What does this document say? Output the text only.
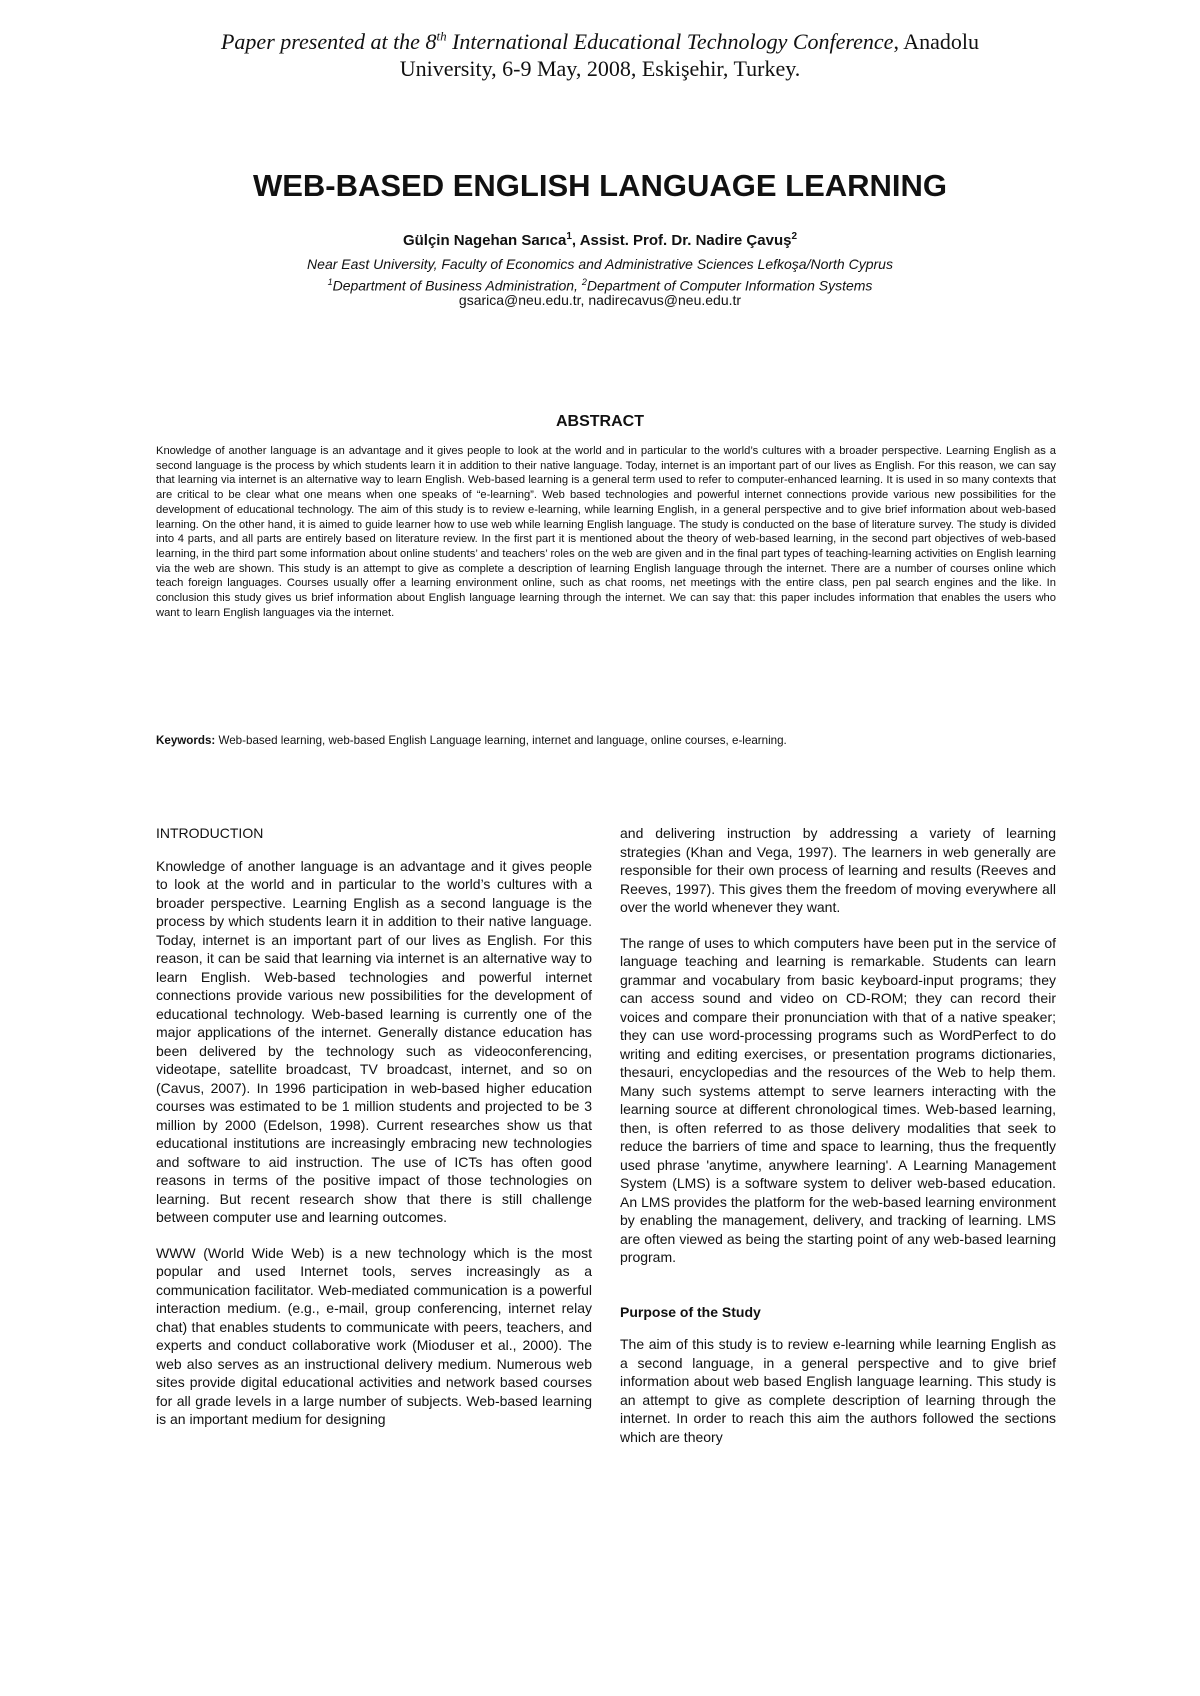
Paper presented at the 8th International Educational Technology Conference, Anadolu
University, 6-9 May, 2008, Eskişehir, Turkey.
WEB-BASED ENGLISH LANGUAGE LEARNING
Gülçin Nagehan Sarıca$^1$, Assist. Prof. Dr. Nadire Çavuş$^2$
Near East University, Faculty of Economics and Administrative Sciences Lefkoşa/North Cyprus
$^1$Department of Business Administration, $^2$Department of Computer Information Systems
gsarica@neu.edu.tr, nadirecavus@neu.edu.tr
ABSTRACT
Knowledge of another language is an advantage and it gives people to look at the world and in particular to the world’s cultures with a broader perspective. Learning English as a second language is the process by which students learn it in addition to their native language. Today, internet is an important part of our lives as English. For this reason, we can say that learning via internet is an alternative way to learn English. Web-based learning is a general term used to refer to computer-enhanced learning. It is used in so many contexts that are critical to be clear what one means when one speaks of “e-learning”. Web based technologies and powerful internet connections provide various new possibilities for the development of educational technology. The aim of this study is to review e-learning, while learning English, in a general perspective and to give brief information about web-based learning. On the other hand, it is aimed to guide learner how to use web while learning English language. The study is conducted on the base of literature survey. The study is divided into 4 parts, and all parts are entirely based on literature review. In the first part it is mentioned about the theory of web-based learning, in the second part objectives of web-based learning, in the third part some information about online students’ and teachers’ roles on the web are given and in the final part types of teaching-learning activities on English learning via the web are shown. This study is an attempt to give as complete a description of learning English language through the internet. There are a number of courses online which teach foreign languages. Courses usually offer a learning environment online, such as chat rooms, net meetings with the entire class, pen pal search engines and the like. In conclusion this study gives us brief information about English language learning through the internet. We can say that: this paper includes information that enables the users who want to learn English languages via the internet.
Keywords: Web-based learning, web-based English Language learning, internet and language, online courses, e-learning.

INTRODUCTION

Knowledge of another language is an advantage and it gives people to look at the world and in particular to the world’s cultures with a broader perspective. Learning English as a second language is the process by which students learn it in addition to their native language. Today, internet is an important part of our lives as English. For this reason, it can be said that learning via internet is an alternative way to learn English. Web-based technologies and powerful internet connections provide various new possibilities for the development of educational technology. Web-based learning is currently one of the major applications of the internet. Generally distance education has been delivered by the technology such as videoconferencing, videotape, satellite broadcast, TV broadcast, internet, and so on (Cavus, 2007). In 1996 participation in web-based higher education courses was estimated to be 1 million students and projected to be 3 million by 2000 (Edelson, 1998). Current researches show us that educational institutions are increasingly embracing new technologies and software to aid instruction. The use of ICTs has often good reasons in terms of the positive impact of those technologies on learning. But recent research show that there is still challenge between computer use and learning outcomes.

WWW (World Wide Web) is a new technology which is the most popular and used Internet tools, serves increasingly as a communication facilitator. Web-mediated communication is a powerful interaction medium. (e.g., e-mail, group conferencing, internet relay chat) that enables students to communicate with peers, teachers, and experts and conduct collaborative work (Mioduser et al., 2000). The web also serves as an instructional delivery medium. Numerous web sites provide digital educational activities and network based courses for all grade levels in a large number of subjects. Web-based learning is an important medium for designing

and delivering instruction by addressing a variety of learning strategies (Khan and Vega, 1997). The learners in web generally are responsible for their own process of learning and results (Reeves and Reeves, 1997). This gives them the freedom of moving everywhere all over the world whenever they want.

The range of uses to which computers have been put in the service of language teaching and learning is remarkable. Students can learn grammar and vocabulary from basic keyboard-input programs; they can access sound and video on CD-ROM; they can record their voices and compare their pronunciation with that of a native speaker; they can use word-processing programs such as WordPerfect to do writing and editing exercises, or presentation programs dictionaries, thesauri, encyclopedias and the resources of the Web to help them. Many such systems attempt to serve learners interacting with the learning source at different chronological times. Web-based learning, then, is often referred to as those delivery modalities that seek to reduce the barriers of time and space to learning, thus the frequently used phrase 'anytime, anywhere learning'. A Learning Management System (LMS) is a software system to deliver web-based education. An LMS provides the platform for the web-based learning environment by enabling the management, delivery, and tracking of learning. LMS are often viewed as being the starting point of any web-based learning program.

Purpose of the Study

The aim of this study is to review e-learning while learning English as a second language, in a general perspective and to give brief information about web based English language learning. This study is an attempt to give as complete description of learning through the internet. In order to reach this aim the authors followed the sections which are theory
